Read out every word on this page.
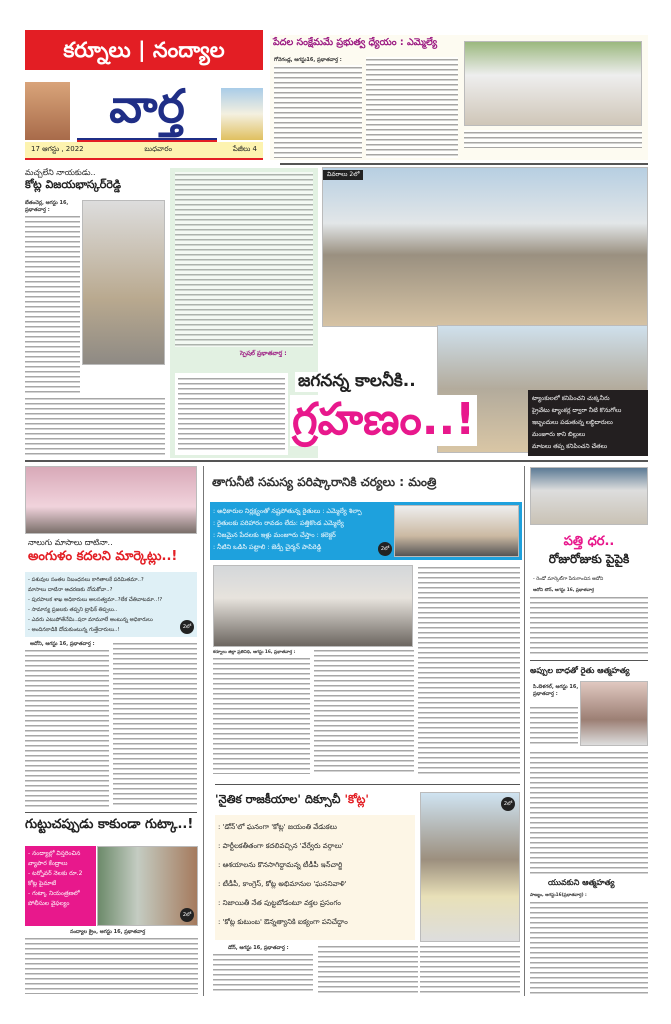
కర్నూలు | నంద్యాల
వార్త
17 ఆగస్టు , 2022	బుధవారం	పేజీలు 4
పేదల సంక్షేమమే ప్రభుత్వ ధ్యేయం : ఎమ్మెల్యే
గోనెగండ్ల, ఆగస్టు16, ప్రభాతవార్త :
మచ్చలేని నాయకుడు..
కోట్ల విజయభాస్కర్‌రెడ్డి
బేతంచెర్ల, ఆగస్టు 16, ప్రభాతవార్త :
స్పెషల్ ప్రభాతవార్త :
వివరాలు 2లో
జగనన్న కాలనీకి..
గ్రహణం..!	ట్యాంకులలో కనిపించని చుక్కనీరు
ప్రైవేటు ట్యాంకర్ల ద్వారా నీటి కొనుగోలు
ఇబ్బందులు పడుతున్న లబ్ధిదారులు
మంజూరు కాని బిల్లులు
మాటలు తప్ప కనిపించని చేతలు
నాలుగు మాసాలు దాటినా..
అంగుళం కదలని మార్కెట్లు..!
- పశువుల సంతల నిబంధనలు కాగితాలకే పరిమితమా..?
మాసాలు దాటినా ఆచరణకు నోచుకోవా..?
- పురపాలక శాఖ అధికారులు అలసత్వమా..?లేక చేతివాటమా..!?
- సామాన్య ప్రజలకు తప్పని ట్రాఫిక్ తిప్పలు..
- ఎవరు ఎటుపోతేనేమి..షరా మామూలే అంటున్న అధికారులు
- అందినకాడికి దోచుకుంటున్న గుత్తేదారులు..!	2లో
ఆదోని, ఆగస్టు 16, ప్రభాతవార్త :
గుట్టుచప్పుడు కాకుండా గుట్కా..!
- నంద్యాల్లో విస్తరించిన వ్యాపార కేంద్రాలు
- టర్నోవర్ నెలకు రూ.2 కోట్ల పైమాటే
- గుట్కా నియంత్రణలో పోలీసుల వైఫల్యం
2లో
నంద్యాల క్రైం, ఆగస్టు 16, ప్రభాతవార్త
తాగునీటి సమస్య పరిష్కారానికి చర్యలు : మంత్రి
: అధికారుల నిర్లక్ష్యంతో నష్టపోతున్న రైతులు : ఎమ్మెల్యే శిల్పా
: రైతులకు పరిహారం రావడం లేదు: పత్తికొండ ఎమ్మెల్యే
: నిజమైన పేదలకు ఇళ్లు మంజూరు చేస్తాం : కలెక్టర్
: నీటిని ఒడిసి పట్టాలి : జెడ్పీ చైర్మన్ పాపిరెడ్డి	2లో
కర్నూలు జిల్లా ప్రతినిధి, ఆగస్టు 16, ప్రభాతవార్త :
'నైతిక రాజకీయాల' దిక్సూచీ 'కోట్ల'
: 'డోన్'లో ఘనంగా 'కోట్ల' జయంతి వేడుకలు
: పార్టీలకతీతంగా కదలివచ్చిన 'వేర్వేరు వర్గాలు'
: ఆశయాలను కొనసాగిద్దామన్న టీడీపీ ఇన్‌చార్జి
: టీడీపీ, కాంగ్రెస్, కోట్ల అభిమానుల 'ఘననివాళి'
: నిజాయితీ నేత పుట్టబోడంటూ వక్తల ప్రసంగం
: 'కోట్ల కుటుంబ' ఔన్నత్యానికి ఐక్యంగా పనిచేద్దాం
2లో
డోన్, ఆగస్టు 16, ప్రభాతవార్త :
పత్తి ధర..
రోజురోజుకు పైపైకి
- రెండో మార్కెట్‌గా పేరుగాంచిన ఆదోని
ఆదోని టౌన్, ఆగస్టు 16, ప్రభాతవార్త
అప్పుల బాధతో రైతు ఆత్మహత్య
సి.బెళగల్, ఆగస్టు 16, ప్రభాతవార్త :
యువకుని ఆత్మహత్య
పాణ్యం, ఆగస్టు16(ప్రభాతవార్త) :
